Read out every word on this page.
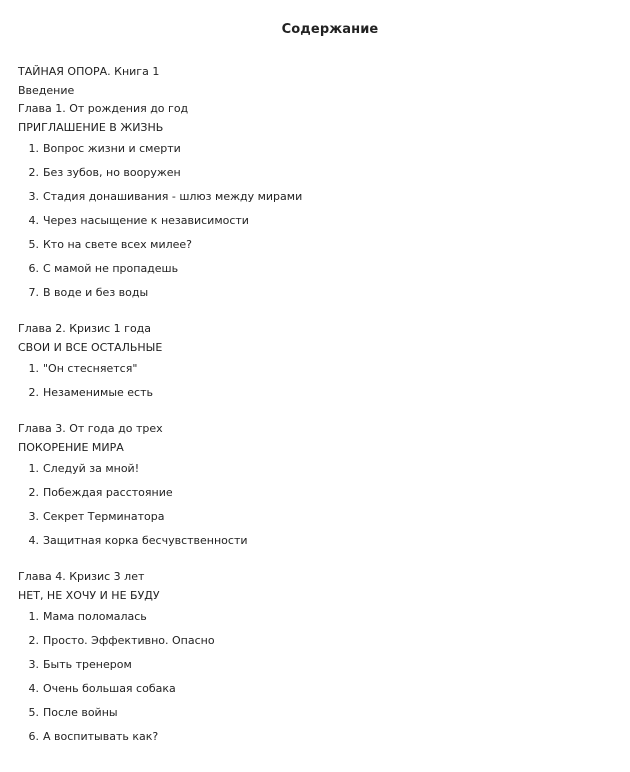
Содержание
ТАЙНАЯ ОПОРА. Книга 1
Введение
Глава 1. От рождения до год
ПРИГЛАШЕНИЕ В ЖИЗНЬ
1. Вопрос жизни и смерти
2. Без зубов, но вооружен
3. Стадия донашивания - шлюз между мирами
4. Через насыщение к независимости
5. Кто на свете всех милее?
6. С мамой не пропадешь
7. В воде и без воды
Глава 2. Кризис 1 года
СВОИ И ВСЕ ОСТАЛЬНЫЕ
1. "Он стесняется"
2. Незаменимые есть
Глава 3. От года до трех
ПОКОРЕНИЕ МИРА
1. Следуй за мной!
2. Побеждая расстояние
3. Секрет Терминатора
4. Защитная корка бесчувственности
Глава 4. Кризис 3 лет
НЕТ, НЕ ХОЧУ И НЕ БУДУ
1. Мама поломалась
2. Просто. Эффективно. Опасно
3. Быть тренером
4. Очень большая собака
5. После войны
6. А воспитывать как?
